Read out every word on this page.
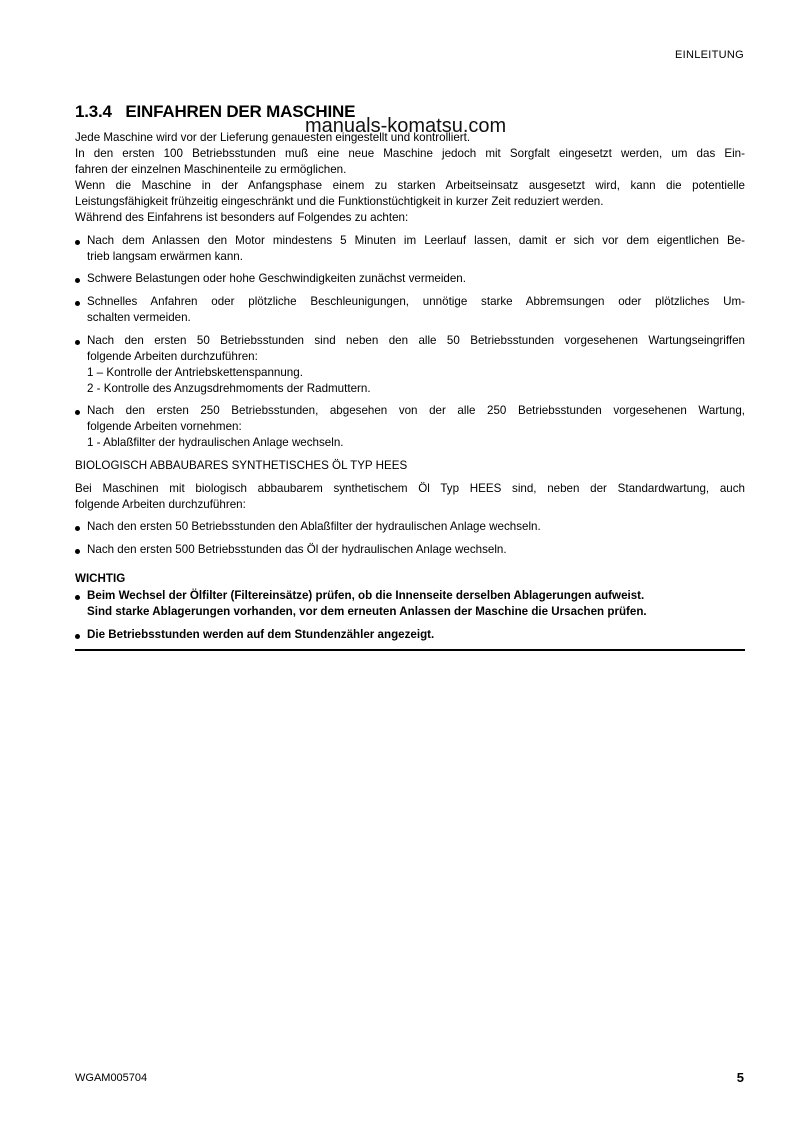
EINLEITUNG
1.3.4   EINFAHREN DER MASCHINE
manuals-komatsu.com
Jede Maschine wird vor der Lieferung genauesten eingestellt und kontrolliert.
In den ersten 100 Betriebsstunden muß eine neue Maschine jedoch mit Sorgfalt eingesetzt werden, um das Ein-
fahren der einzelnen Maschinenteile zu ermöglichen.
Wenn die Maschine in der Anfangsphase einem zu starken Arbeitseinsatz ausgesetzt wird, kann die potentielle
Leistungsfähigkeit frühzeitig eingeschränkt und die Funktionstüchtigkeit in kurzer Zeit reduziert werden.
Während des Einfahrens ist besonders auf Folgendes zu achten:
Nach dem Anlassen den Motor mindestens 5 Minuten im Leerlauf lassen, damit er sich vor dem eigentlichen Be-
trieb langsam erwärmen kann.
Schwere Belastungen oder hohe Geschwindigkeiten zunächst vermeiden.
Schnelles Anfahren oder plötzliche Beschleunigungen, unnötige starke Abbremsungen oder plötzliches Um-
schalten vermeiden.
Nach den ersten 50 Betriebsstunden sind neben den alle 50 Betriebsstunden vorgesehenen Wartungseingriffen
folgende Arbeiten durchzuführen:
1 – Kontrolle der Antriebskettenspannung.
2 - Kontrolle des Anzugsdrehmoments der Radmuttern.
Nach den ersten 250 Betriebsstunden, abgesehen von der alle 250 Betriebsstunden vorgesehenen Wartung,
folgende Arbeiten vornehmen:
1 - Ablaßfilter der hydraulischen Anlage wechseln.
BIOLOGISCH ABBAUBARES SYNTHETISCHES ÖL TYP HEES
Bei Maschinen mit biologisch abbaubarem synthetischem Öl Typ HEES sind, neben der Standardwartung, auch
folgende Arbeiten durchzuführen:
Nach den ersten 50 Betriebsstunden den Ablaßfilter der hydraulischen Anlage wechseln.
Nach den ersten 500 Betriebsstunden das Öl der hydraulischen Anlage wechseln.
WICHTIG
Beim Wechsel der Ölfilter (Filtereinsätze) prüfen, ob die Innenseite derselben Ablagerungen aufweist.
Sind starke Ablagerungen vorhanden, vor dem erneuten Anlassen der Maschine die Ursachen prüfen.
Die Betriebsstunden werden auf dem Stundenzähler angezeigt.
WGAM005704	5
